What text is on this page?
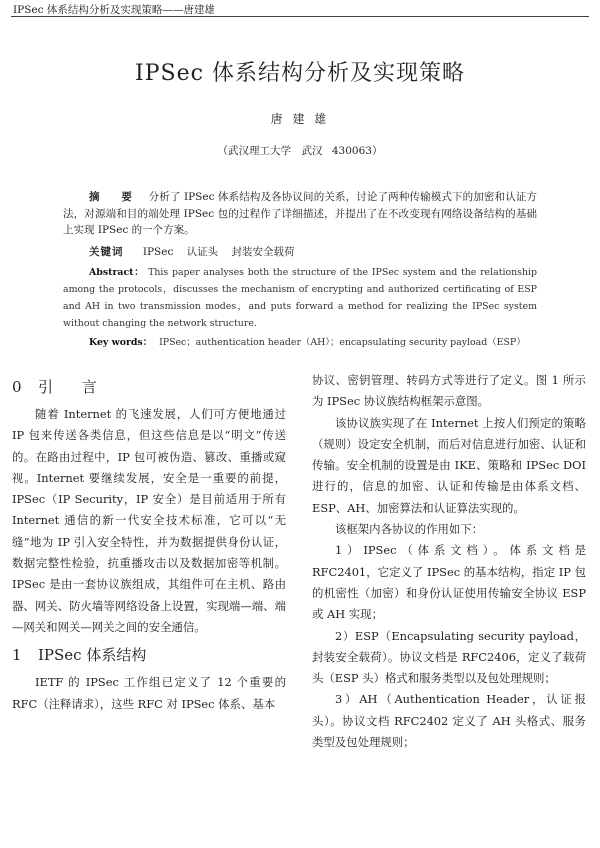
IPSec 体系结构分析及实现策略——唐建雄
IPSec 体系结构分析及实现策略
唐 建 雄
（武汉理工大学　武汉 430063）
摘 要 分析了 IPSec 体系结构及各协议间的关系，讨论了两种传输模式下的加密和认证方法，对源端和目的端处理 IPSec 包的过程作了详细描述，并提出了在不改变现有网络设备结构的基础上实现 IPSec 的一个方案。
关键词 IPSec 认证头 封装安全载荷
Abstract： This paper analyses both the structure of the IPSec system and the relationship among the protocols，discusses the mechanism of encrypting and authorized certificating of ESP and AH in two transmission modes，and puts forward a method for realizing the IPSec system without changing the network structure.
Key words： IPSec；authentication header（AH）；encapsulating security payload（ESP）
0 引 言

随着 Internet 的飞速发展，人们可方便地通过 IP 包来传送各类信息，但这些信息是以“明文”传送的。在路由过程中，IP 包可被伪造、篡改、重播或窥视。Internet 要继续发展，安全是一重要的前提，IPSec（IP Security，IP 安全）是目前适用于所有 Internet 通信的新一代安全技术标准，它可以“无缝”地为 IP 引入安全特性，并为数据提供身份认证，数据完整性检验，抗重播攻击以及数据加密等机制。IPSec 是由一套协议族组成，其组件可在主机、路由器、网关、防火墙等网络设备上设置，实现端—端、端—网关和网关—网关之间的安全通信。

1 IPSec 体系结构

IETF 的 IPSec 工作组已定义了 12 个重要的 RFC（注释请求），这些 RFC 对 IPSec 体系、基本

协议、密钥管理、转码方式等进行了定义。图 1 所示为 IPSec 协议族结构框架示意图。

该协议族实现了在 Internet 上按人们预定的策略（规则）设定安全机制，而后对信息进行加密、认证和传输。安全机制的设置是由 IKE、策略和 IPSec DOI 进行的，信息的加密、认证和传输是由体系文档、ESP、AH、加密算法和认证算法实现的。

该框架内各协议的作用如下：

1）IPSec（体系文档）。体系文档是 RFC2401，它定义了 IPSec 的基本结构，指定 IP 包的机密性（加密）和身份认证使用传输安全协议 ESP 或 AH 实现；

2）ESP（Encapsulating security payload，封装安全载荷）。协议文档是 RFC2406，定义了载荷头（ESP 头）格式和服务类型以及包处理规则；

3）AH（Authentication Header，认证报头）。协议文档 RFC2402 定义了 AH 头格式、服务类型及包处理规则；
